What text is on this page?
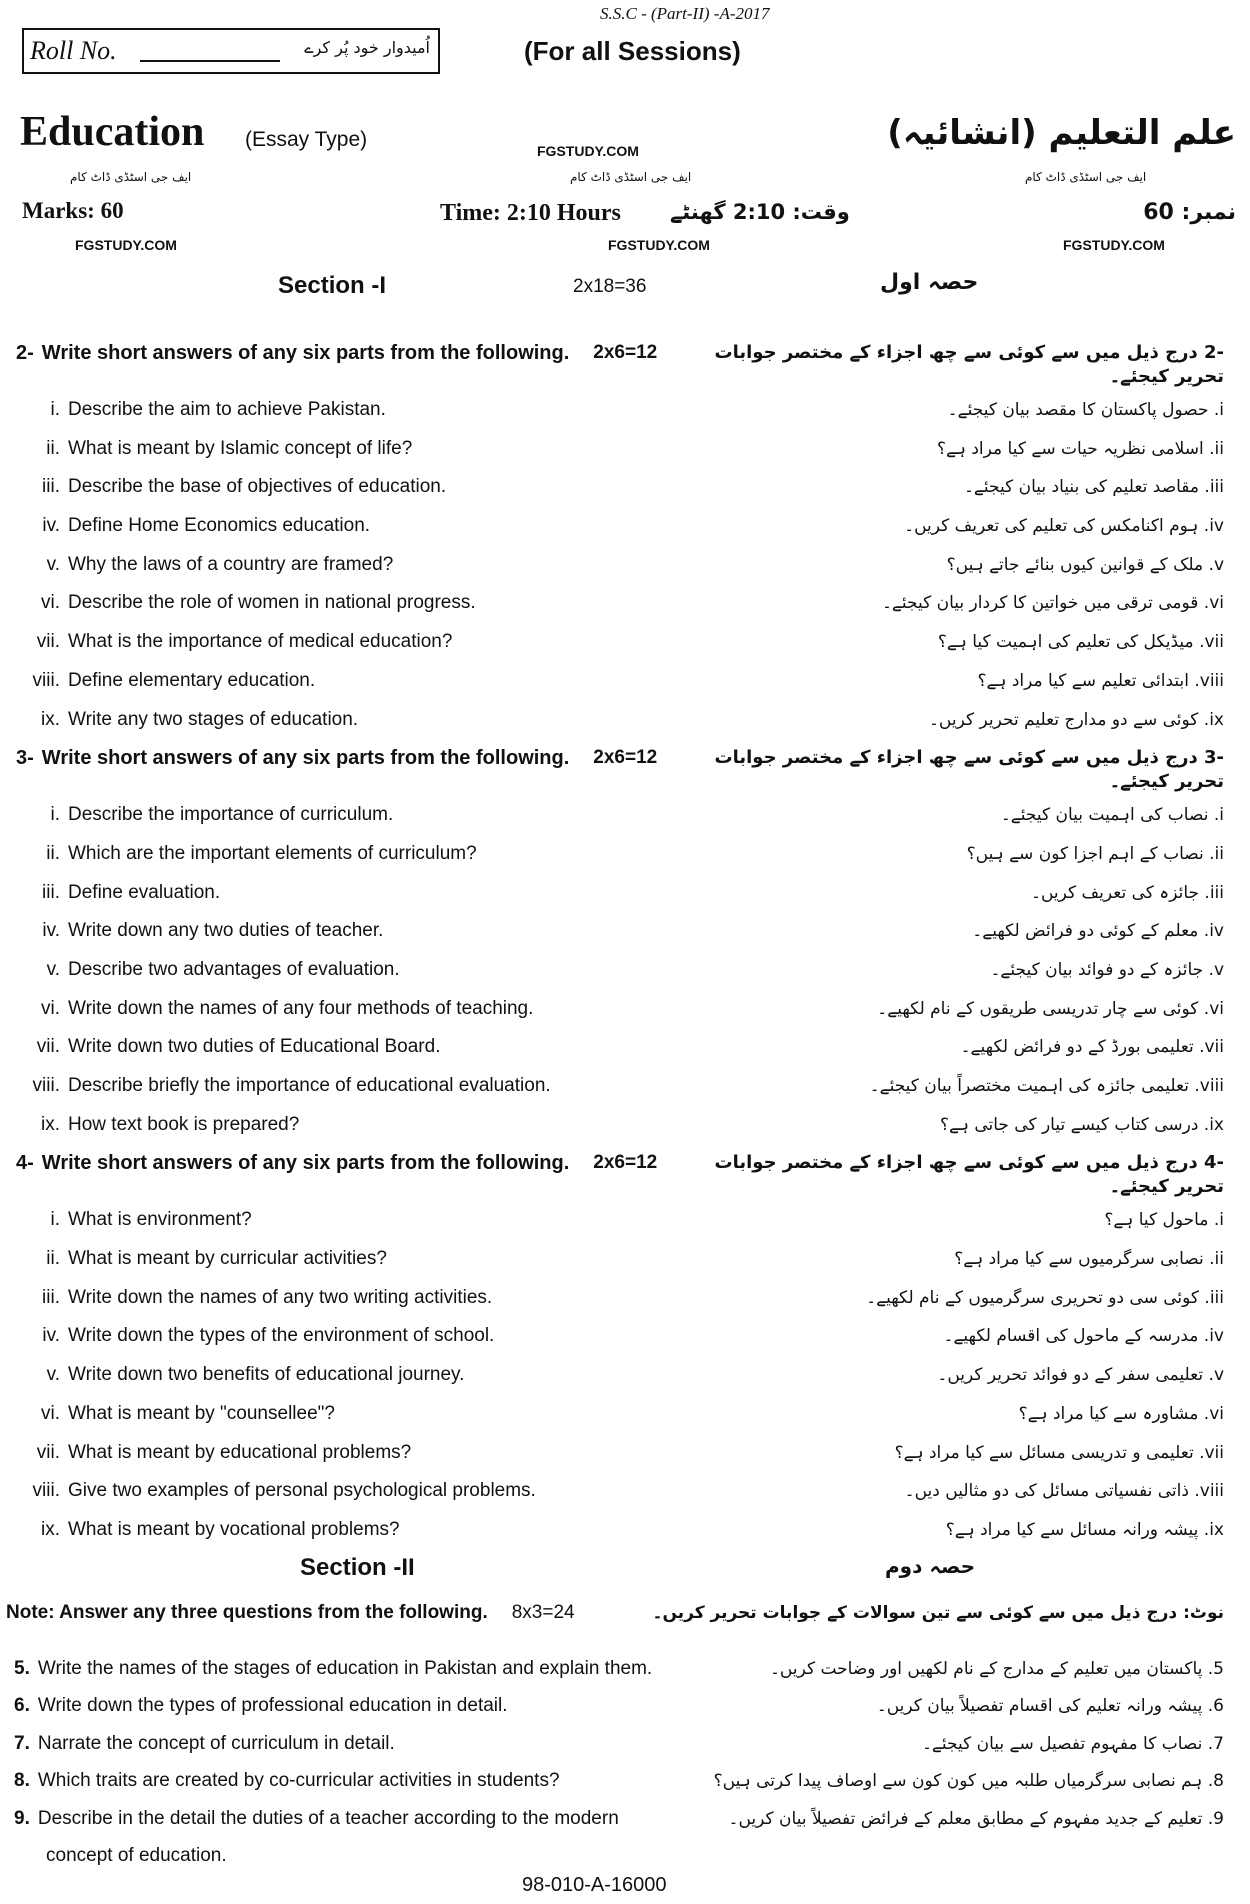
S.S.C - (Part-II) -A-2017
Roll No.	اُمیدوار خود پُر کرے	(For all Sessions)
Education (Essay Type)	علم التعلیم (انشائیہ)
FGSTUDY.COM
ایف جی اسٹڈی ڈاٹ کام	ایف جی اسٹڈی ڈاٹ کام	ایف جی اسٹڈی ڈاٹ کام
Marks: 60	Time: 2:10 Hours وقت: 2:10 گھنٹے	نمبر: 60
FGSTUDY.COM	FGSTUDY.COM	FGSTUDY.COM
Section -I	2x18=36	حصہ اول
2- Write short answers of any six parts from the following. 2x6=12	-2 درج ذیل میں سے کوئی سے چھ اجزاء کے مختصر جوابات تحریر کیجئے۔
i. Describe the aim to achieve Pakistan.	i. حصول پاکستان کا مقصد بیان کیجئے۔
ii. What is meant by Islamic concept of life?	ii. اسلامی نظریہ حیات سے کیا مراد ہے؟
iii. Describe the base of objectives of education.	iii. مقاصد تعلیم کی بنیاد بیان کیجئے۔
iv. Define Home Economics education.	iv. ہوم اکنامکس کی تعلیم کی تعریف کریں۔
v. Why the laws of a country are framed?	v. ملک کے قوانین کیوں بنائے جاتے ہیں؟
vi. Describe the role of women in national progress.	vi. قومی ترقی میں خواتین کا کردار بیان کیجئے۔
vii. What is the importance of medical education?	vii. میڈیکل کی تعلیم کی اہمیت کیا ہے؟
viii. Define elementary education.	viii. ابتدائی تعلیم سے کیا مراد ہے؟
ix. Write any two stages of education.	ix. کوئی سے دو مدارج تعلیم تحریر کریں۔
3- Write short answers of any six parts from the following. 2x6=12	-3 درج ذیل میں سے کوئی سے چھ اجزاء کے مختصر جوابات تحریر کیجئے۔
i. Describe the importance of curriculum.	i. نصاب کی اہمیت بیان کیجئے۔
ii. Which are the important elements of curriculum?	ii. نصاب کے اہم اجزا کون سے ہیں؟
iii. Define evaluation.	iii. جائزہ کی تعریف کریں۔
iv. Write down any two duties of teacher.	iv. معلم کے کوئی دو فرائض لکھیے۔
v. Describe two advantages of evaluation.	v. جائزہ کے دو فوائد بیان کیجئے۔
vi. Write down the names of any four methods of teaching.	vi. کوئی سے چار تدریسی طریقوں کے نام لکھیے۔
vii. Write down two duties of Educational Board.	vii. تعلیمی بورڈ کے دو فرائض لکھیے۔
viii. Describe briefly the importance of educational evaluation.	viii. تعلیمی جائزہ کی اہمیت مختصراً بیان کیجئے۔
ix. How text book is prepared?	ix. درسی کتاب کیسے تیار کی جاتی ہے؟
4- Write short answers of any six parts from the following. 2x6=12	-4 درج ذیل میں سے کوئی سے چھ اجزاء کے مختصر جوابات تحریر کیجئے۔
i. What is environment?	i. ماحول کیا ہے؟
ii. What is meant by curricular activities?	ii. نصابی سرگرمیوں سے کیا مراد ہے؟
iii. Write down the names of any two writing activities.	iii. کوئی سی دو تحریری سرگرمیوں کے نام لکھیے۔
iv. Write down the types of the environment of school.	iv. مدرسہ کے ماحول کی اقسام لکھیے۔
v. Write down two benefits of educational journey.	v. تعلیمی سفر کے دو فوائد تحریر کریں۔
vi. What is meant by "counsellee"?	vi. مشاورہ سے کیا مراد ہے؟
vii. What is meant by educational problems?	vii. تعلیمی و تدریسی مسائل سے کیا مراد ہے؟
viii. Give two examples of personal psychological problems.	viii. ذاتی نفسیاتی مسائل کی دو مثالیں دیں۔
ix. What is meant by vocational problems?	ix. پیشہ ورانہ مسائل سے کیا مراد ہے؟
Section -II	حصہ دوم
Note: Answer any three questions from the following. 8x3=24	نوٹ: درج ذیل میں سے کوئی سے تین سوالات کے جوابات تحریر کریں۔
5. Write the names of the stages of education in Pakistan and explain them.	5. پاکستان میں تعلیم کے مدارج کے نام لکھیں اور وضاحت کریں۔
6. Write down the types of professional education in detail.	6. پیشہ ورانہ تعلیم کی اقسام تفصیلاً بیان کریں۔
7. Narrate the concept of curriculum in detail.	7. نصاب کا مفہوم تفصیل سے بیان کیجئے۔
8. Which traits are created by co-curricular activities in students?	8. ہم نصابی سرگرمیاں طلبہ میں کون کون سے اوصاف پیدا کرتی ہیں؟
9. Describe in the detail the duties of a teacher according to the modern	9. تعلیم کے جدید مفہوم کے مطابق معلم کے فرائض تفصیلاً بیان کریں۔
concept of education.
98-010-A-16000
